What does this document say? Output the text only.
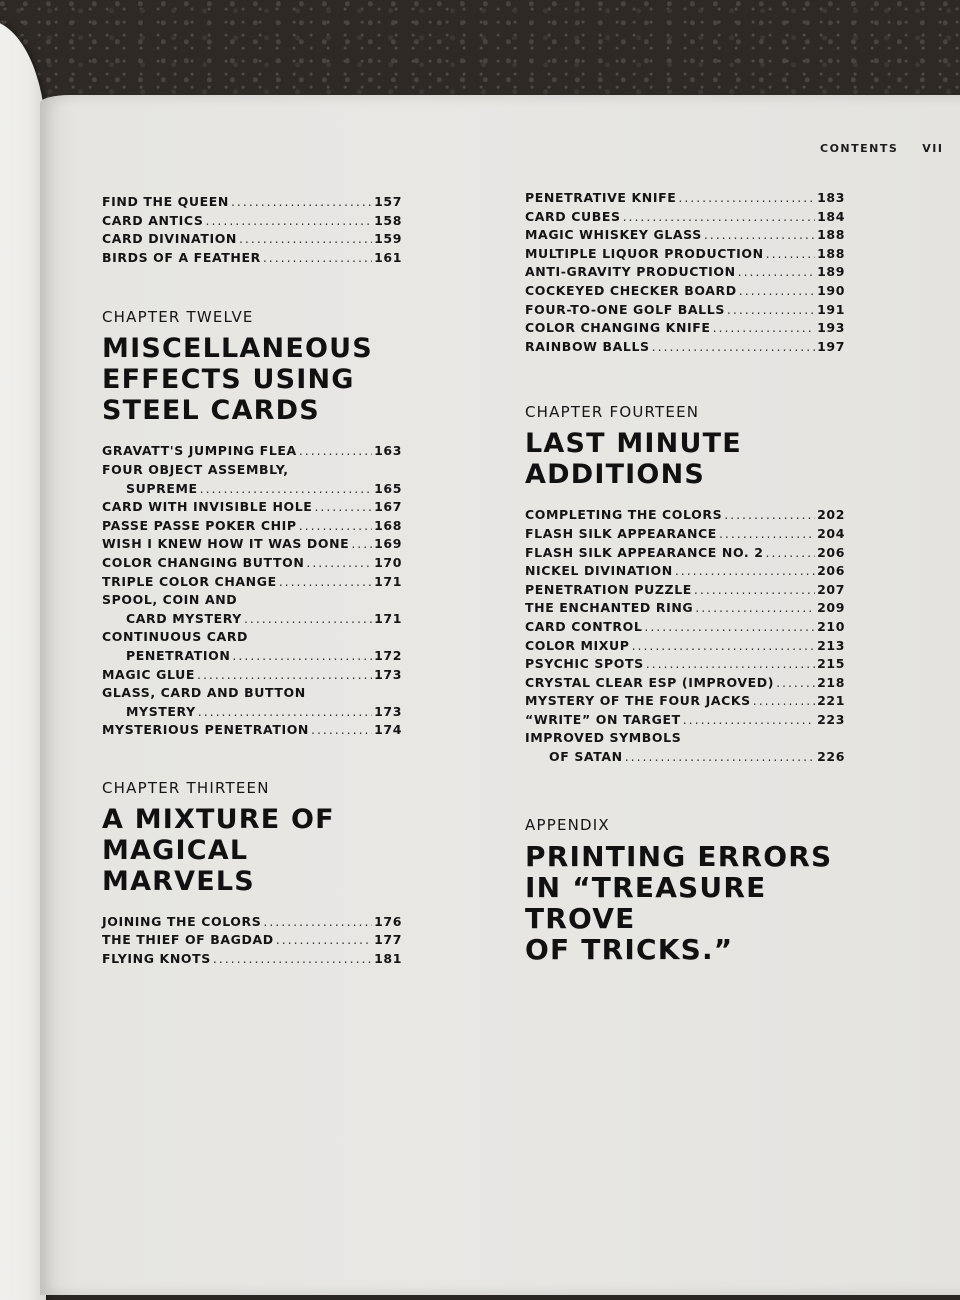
CONTENTS VII
FIND THE QUEEN . . .	157
CARD ANTICS . . .	158
CARD DIVINATION . . .	159
BIRDS OF A FEATHER . . .	161
CHAPTER TWELVE
MISCELLANEOUS
EFFECTS USING
STEEL CARDS
GRAVATT'S JUMPING FLEA . . .	163
FOUR OBJECT ASSEMBLY,
SUPREME . . .	165
CARD WITH INVISIBLE HOLE . . .	167
PASSE PASSE POKER CHIP . . .	168
WISH I KNEW HOW IT WAS DONE . . . 169
COLOR CHANGING BUTTON . . .	170
TRIPLE COLOR CHANGE . . .	171
SPOOL, COIN AND
CARD MYSTERY . . .	171
CONTINUOUS CARD
PENETRATION . . .	172
MAGIC GLUE . . .	173
GLASS, CARD AND BUTTON
MYSTERY . . .	173
MYSTERIOUS PENETRATION . . .	174
CHAPTER THIRTEEN
A MIXTURE OF
MAGICAL MARVELS
JOINING THE COLORS . . .	176
THE THIEF OF BAGDAD . . .	177
FLYING KNOTS . . .	181
PENETRATIVE KNIFE . . .	183
CARD CUBES . . .	184
MAGIC WHISKEY GLASS . . .	188
MULTIPLE LIQUOR PRODUCTION . . .	188
ANTI-GRAVITY PRODUCTION . . .	189
COCKEYED CHECKER BOARD . . .	190
FOUR-TO-ONE GOLF BALLS . . .	191
COLOR CHANGING KNIFE . . .	193
RAINBOW BALLS . . .	197
CHAPTER FOURTEEN
LAST MINUTE
ADDITIONS
COMPLETING THE COLORS . . .	202
FLASH SILK APPEARANCE . . .	204
FLASH SILK APPEARANCE NO. 2 . . .	206
NICKEL DIVINATION . . .	206
PENETRATION PUZZLE . . .	207
THE ENCHANTED RING . . .	209
CARD CONTROL . . .	210
COLOR MIXUP . . .	213
PSYCHIC SPOTS . . .	215
CRYSTAL CLEAR ESP (IMPROVED) . . .	218
MYSTERY OF THE FOUR JACKS . . .	221
“WRITE” ON TARGET . . .	223
IMPROVED SYMBOLS
OF SATAN . . .	226
APPENDIX
PRINTING ERRORS
IN “TREASURE TROVE
OF TRICKS.”
